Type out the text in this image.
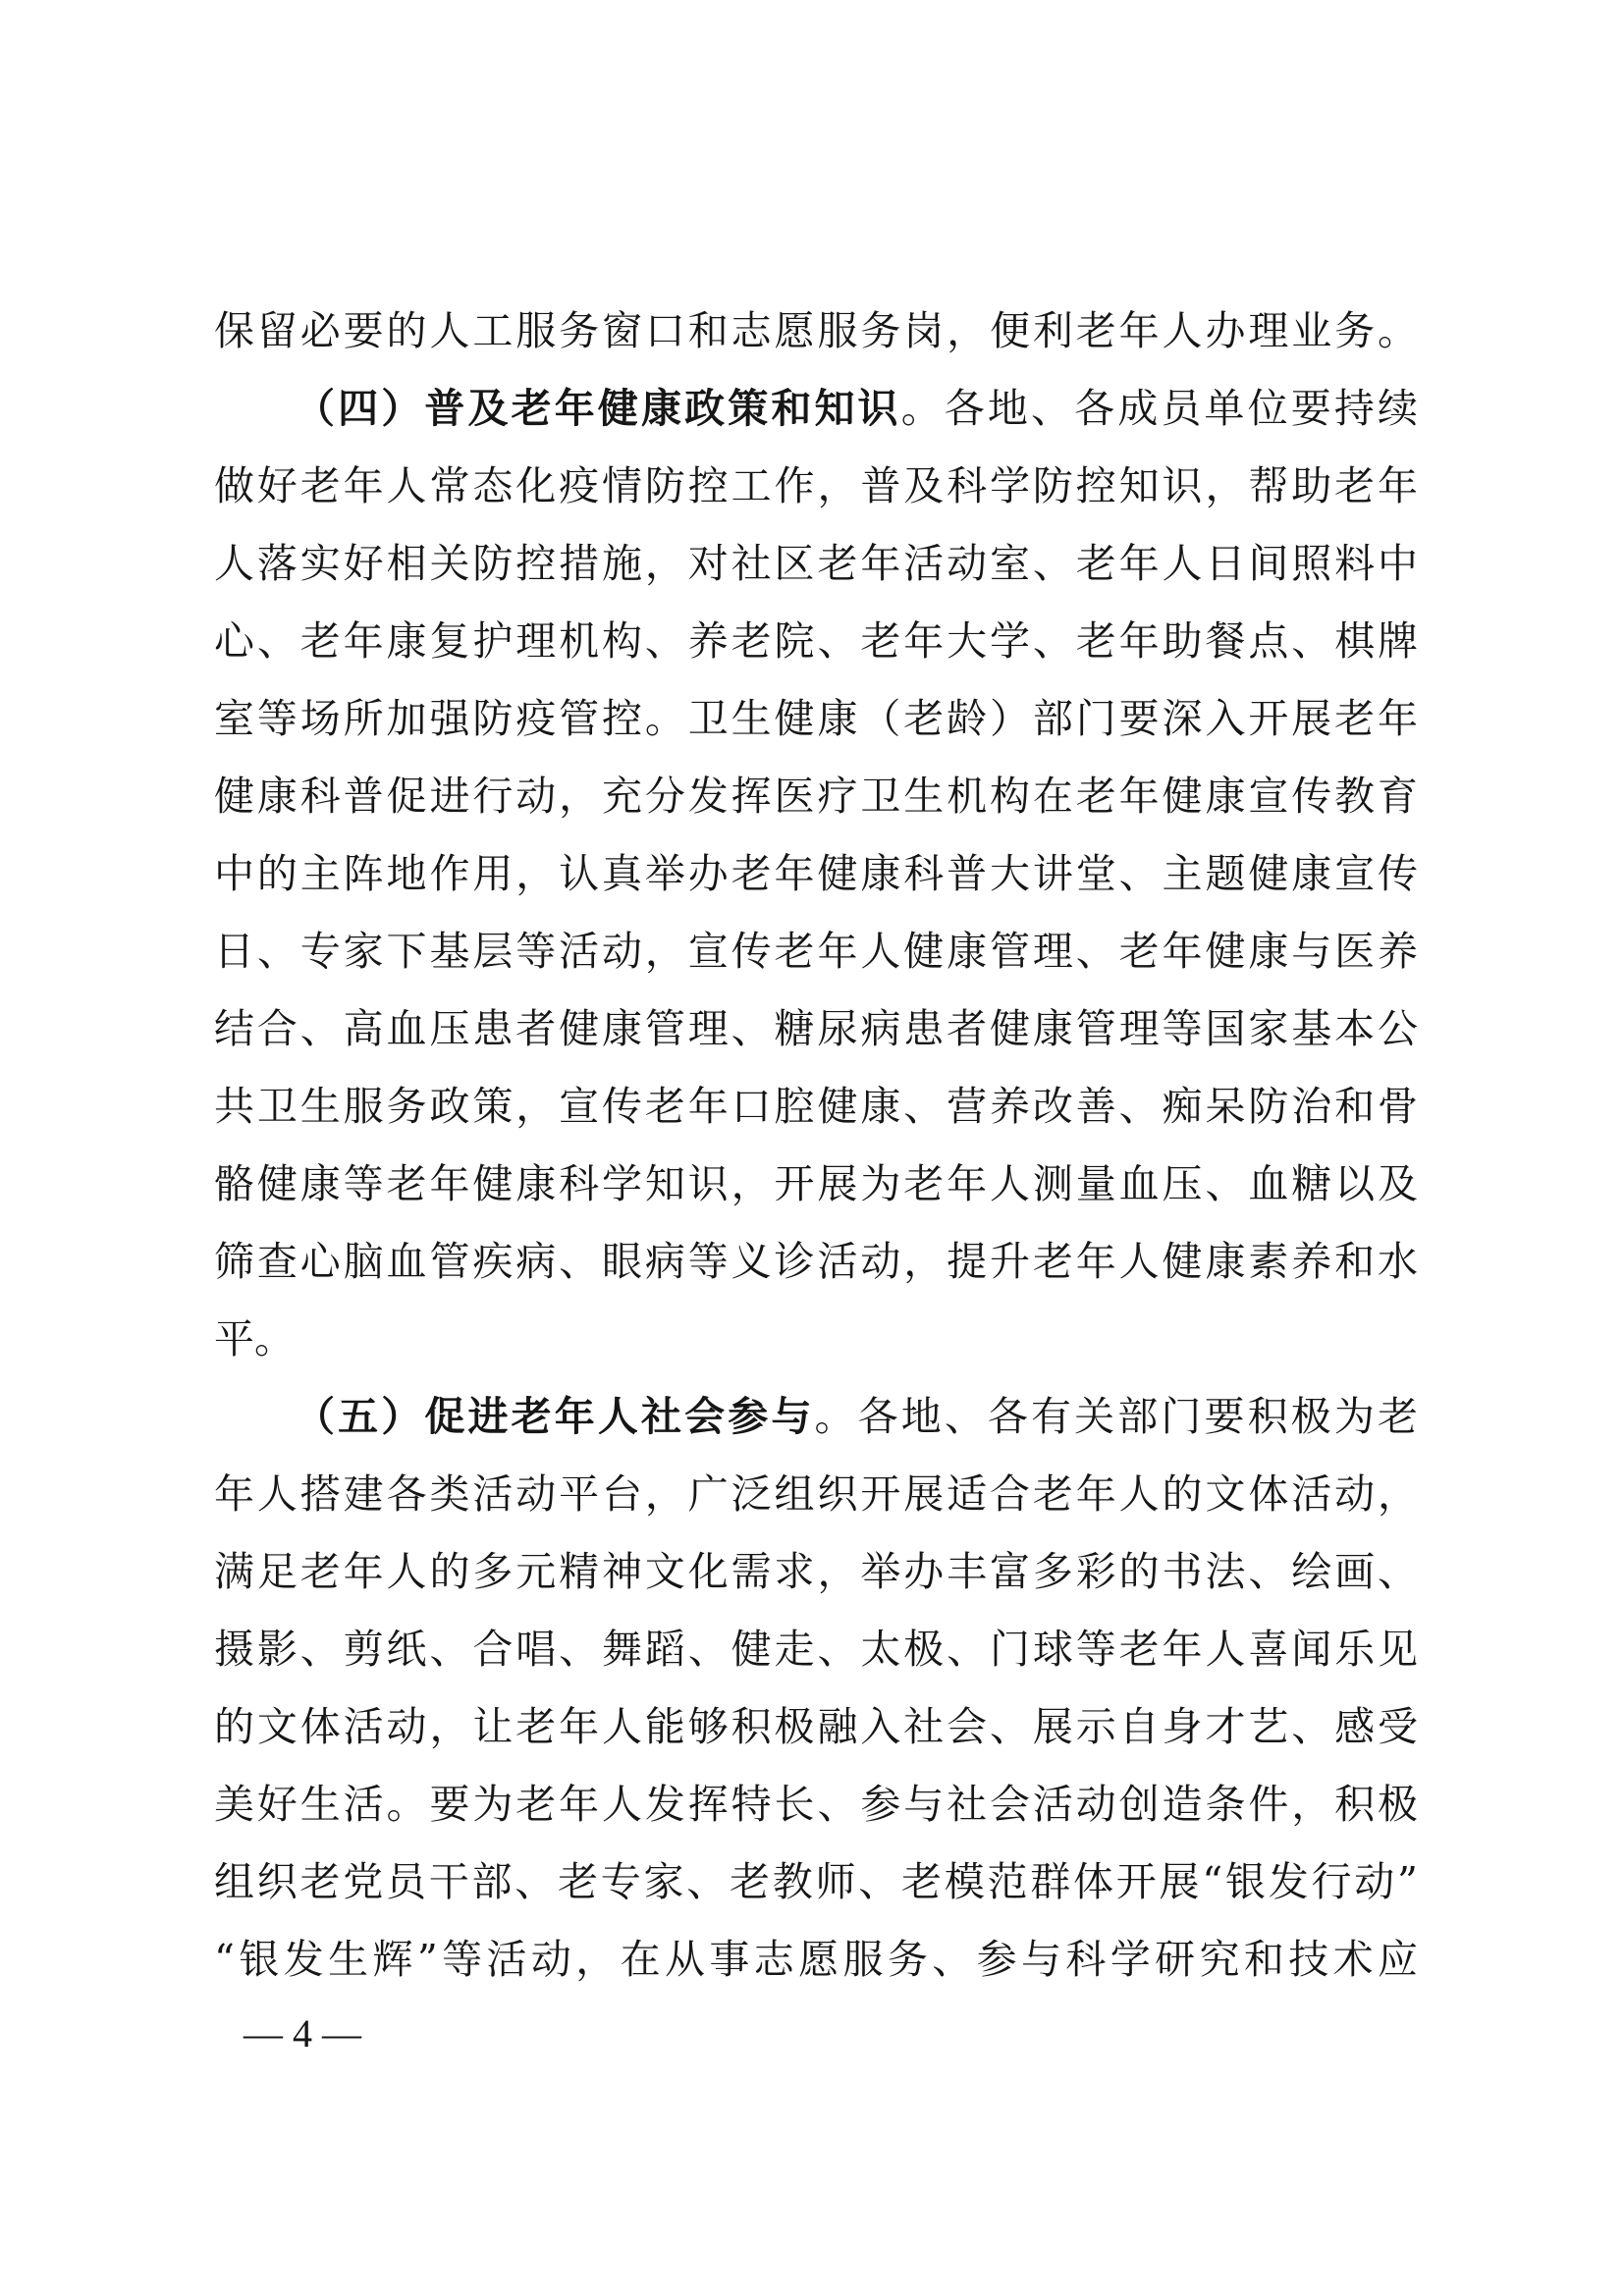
保留必要的人工服务窗口和志愿服务岗，便利老年人办理业务。
（四）普及老年健康政策和知识。各地、各成员单位要持续
做好老年人常态化疫情防控工作，普及科学防控知识，帮助老年
人落实好相关防控措施，对社区老年活动室、老年人日间照料中
心、老年康复护理机构、养老院、老年大学、老年助餐点、棋牌
室等场所加强防疫管控。卫生健康（老龄）部门要深入开展老年
健康科普促进行动，充分发挥医疗卫生机构在老年健康宣传教育
中的主阵地作用，认真举办老年健康科普大讲堂、主题健康宣传
日、专家下基层等活动，宣传老年人健康管理、老年健康与医养
结合、高血压患者健康管理、糖尿病患者健康管理等国家基本公
共卫生服务政策，宣传老年口腔健康、营养改善、痴呆防治和骨
骼健康等老年健康科学知识，开展为老年人测量血压、血糖以及
筛查心脑血管疾病、眼病等义诊活动，提升老年人健康素养和水
平。
（五）促进老年人社会参与。各地、各有关部门要积极为老
年人搭建各类活动平台，广泛组织开展适合老年人的文体活动，
满足老年人的多元精神文化需求，举办丰富多彩的书法、绘画、
摄影、剪纸、合唱、舞蹈、健走、太极、门球等老年人喜闻乐见
的文体活动，让老年人能够积极融入社会、展示自身才艺、感受
美好生活。要为老年人发挥特长、参与社会活动创造条件，积极
组织老党员干部、老专家、老教师、老模范群体开展“银发行动”
“银发生辉”等活动，在从事志愿服务、参与科学研究和技术应
— 4 —
